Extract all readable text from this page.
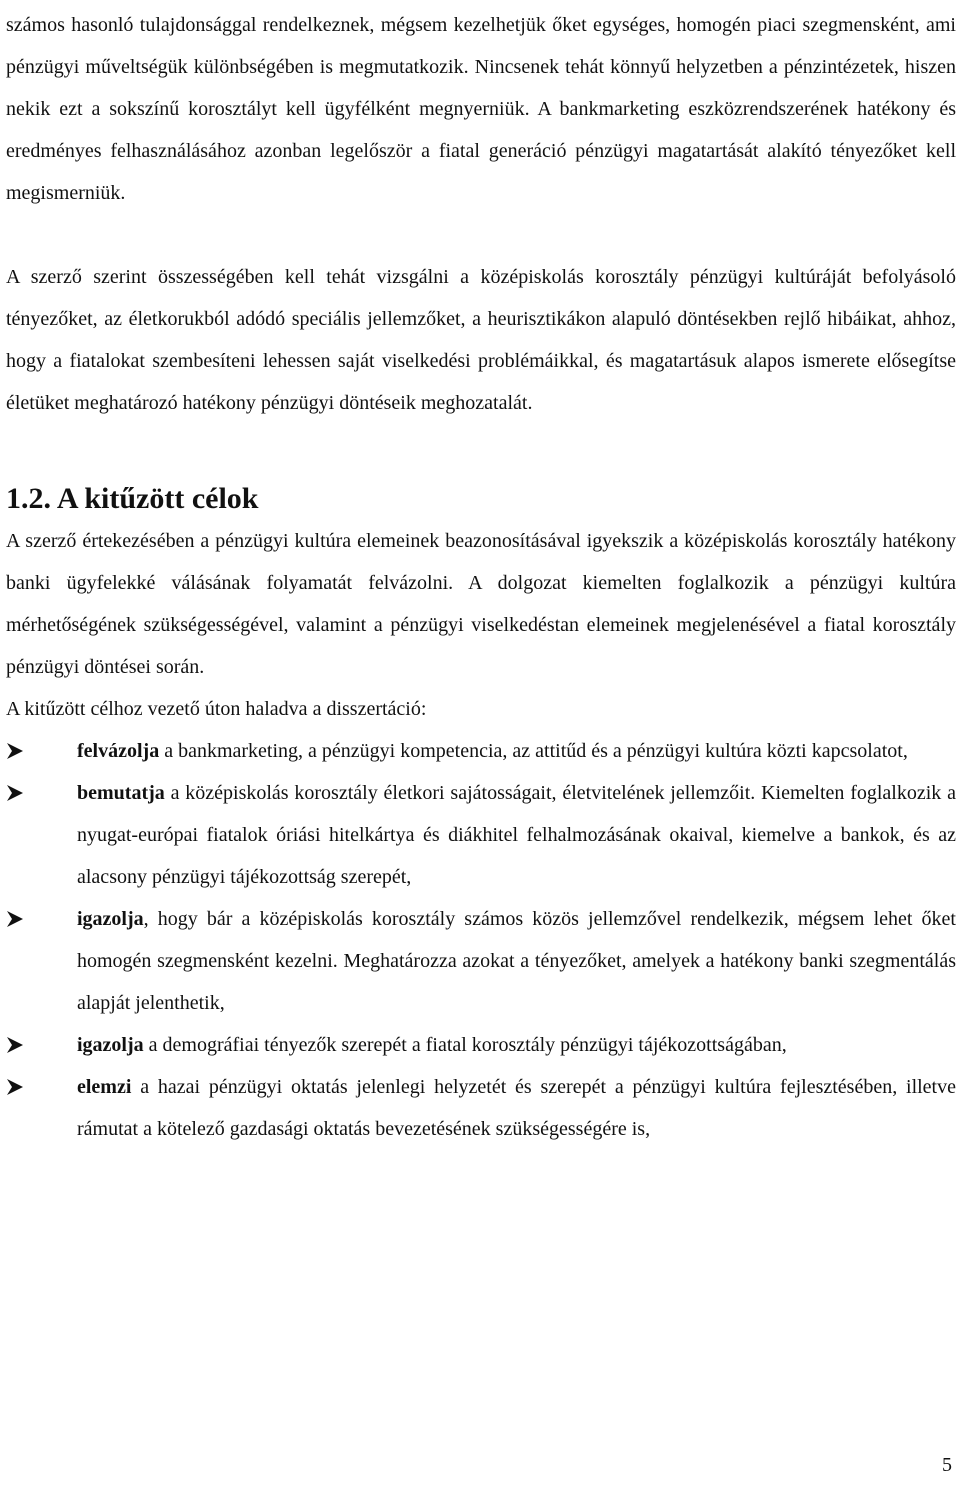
számos hasonló tulajdonsággal rendelkeznek, mégsem kezelhetjük őket egységes, homogén piaci szegmensként, ami pénzügyi műveltségük különbségében is megmutatkozik. Nincsenek tehát könnyű helyzetben a pénzintézetek, hiszen nekik ezt a sokszínű korosztályt kell ügyfélként megnyerniük. A bankmarketing eszközrendszerének hatékony és eredményes felhasználásához azonban legelőször a fiatal generáció pénzügyi magatartását alakító tényezőket kell megismerniük.

A szerző szerint összességében kell tehát vizsgálni a középiskolás korosztály pénzügyi kultúráját befolyásoló tényezőket, az életkorukból adódó speciális jellemzőket, a heurisztikákon alapuló döntésekben rejlő hibáikat, ahhoz, hogy a fiatalokat szembesíteni lehessen saját viselkedési problémáikkal, és magatartásuk alapos ismerete elősegítse életüket meghatározó hatékony pénzügyi döntéseik meghozatalát.

1.2. A kitűzött célok

A szerző értekezésében a pénzügyi kultúra elemeinek beazonosításával igyekszik a középiskolás korosztály hatékony banki ügyfelekké válásának folyamatát felvázolni. A dolgozat kiemelten foglalkozik a pénzügyi kultúra mérhetőségének szükségességével, valamint a pénzügyi viselkedéstan elemeinek megjelenésével a fiatal korosztály pénzügyi döntései során.

A kitűzött célhoz vezető úton haladva a disszertáció:

felvázolja a bankmarketing, a pénzügyi kompetencia, az attitűd és a pénzügyi kultúra közti kapcsolatot,
bemutatja a középiskolás korosztály életkori sajátosságait, életvitelének jellemzőit. Kiemelten foglalkozik a nyugat-európai fiatalok óriási hitelkártya és diákhitel felhalmozásának okaival, kiemelve a bankok, és az alacsony pénzügyi tájékozottság szerepét,
igazolja, hogy bár a középiskolás korosztály számos közös jellemzővel rendelkezik, mégsem lehet őket homogén szegmensként kezelni. Meghatározza azokat a tényezőket, amelyek a hatékony banki szegmentálás alapját jelenthetik,
igazolja a demográfiai tényezők szerepét a fiatal korosztály pénzügyi tájékozottságában,
elemzi a hazai pénzügyi oktatás jelenlegi helyzetét és szerepét a pénzügyi kultúra fejlesztésében, illetve rámutat a kötelező gazdasági oktatás bevezetésének szükségességére is,
5
